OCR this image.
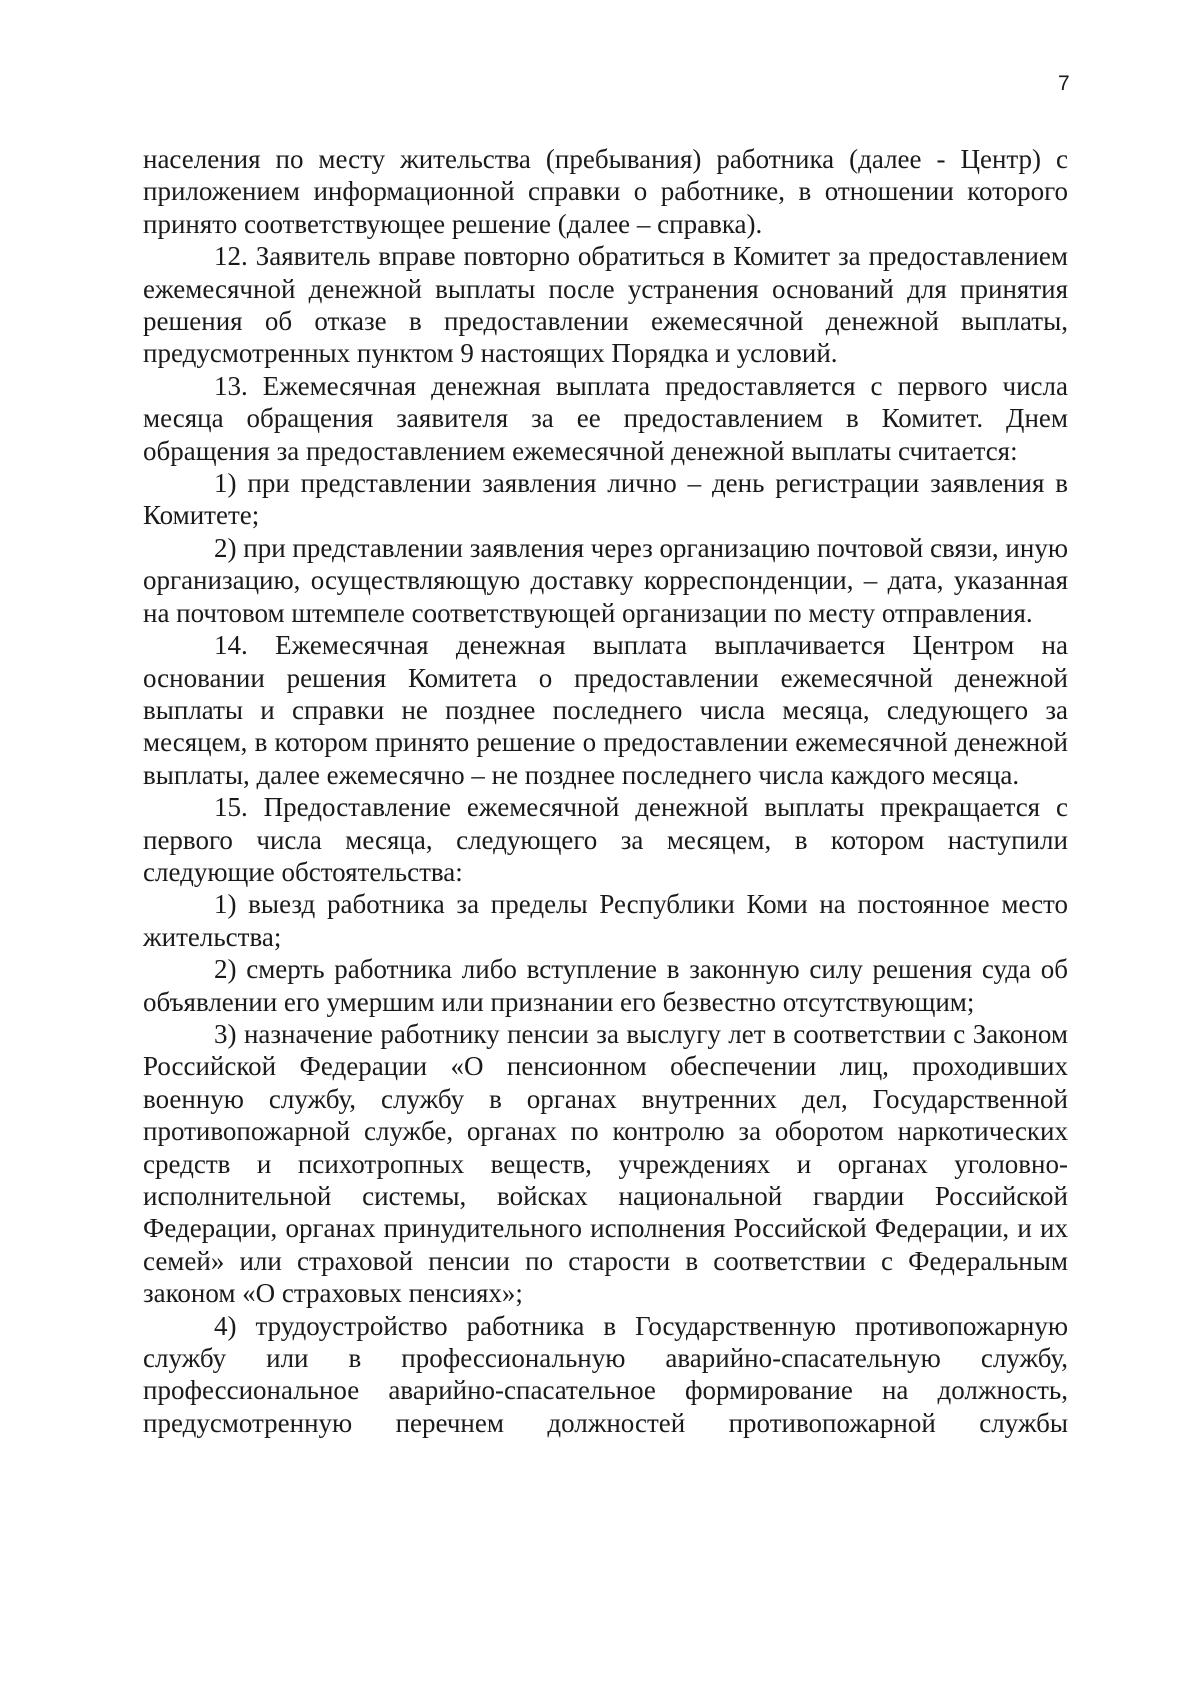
7

населения по месту жительства (пребывания) работника (далее - Центр) с приложением информационной справки о работнике, в отношении которого принято соответствующее решение (далее – справка).

12. Заявитель вправе повторно обратиться в Комитет за предоставлением ежемесячной денежной выплаты после устранения оснований для принятия решения об отказе в предоставлении ежемесячной денежной выплаты, предусмотренных пунктом 9 настоящих Порядка и условий.

13. Ежемесячная денежная выплата предоставляется с первого числа месяца обращения заявителя за ее предоставлением в Комитет. Днем обращения за предоставлением ежемесячной денежной выплаты считается:

1) при представлении заявления лично – день регистрации заявления в Комитете;

2) при представлении заявления через организацию почтовой связи, иную организацию, осуществляющую доставку корреспонденции, – дата, указанная на почтовом штемпеле соответствующей организации по месту отправления.

14. Ежемесячная денежная выплата выплачивается Центром на основании решения Комитета о предоставлении ежемесячной денежной выплаты и справки не позднее последнего числа месяца, следующего за месяцем, в котором принято решение о предоставлении ежемесячной денежной выплаты, далее ежемесячно – не позднее последнего числа каждого месяца.

15. Предоставление ежемесячной денежной выплаты прекращается с первого числа месяца, следующего за месяцем, в котором наступили следующие обстоятельства:

1) выезд работника за пределы Республики Коми на постоянное место жительства;

2) смерть работника либо вступление в законную силу решения суда об объявлении его умершим или признании его безвестно отсутствующим;

3) назначение работнику пенсии за выслугу лет в соответствии с Законом Российской Федерации «О пенсионном обеспечении лиц, проходивших военную службу, службу в органах внутренних дел, Государственной противопожарной службе, органах по контролю за оборотом наркотических средств и психотропных веществ, учреждениях и органах уголовно-исполнительной системы, войсках национальной гвардии Российской Федерации, органах принудительного исполнения Российской Федерации, и их семей» или страховой пенсии по старости в соответствии с Федеральным законом «О страховых пенсиях»;

4) трудоустройство работника в Государственную противопожарную службу или в профессиональную аварийно-спасательную службу, профессиональное аварийно-спасательное формирование на должность, предусмотренную перечнем должностей противопожарной службы
